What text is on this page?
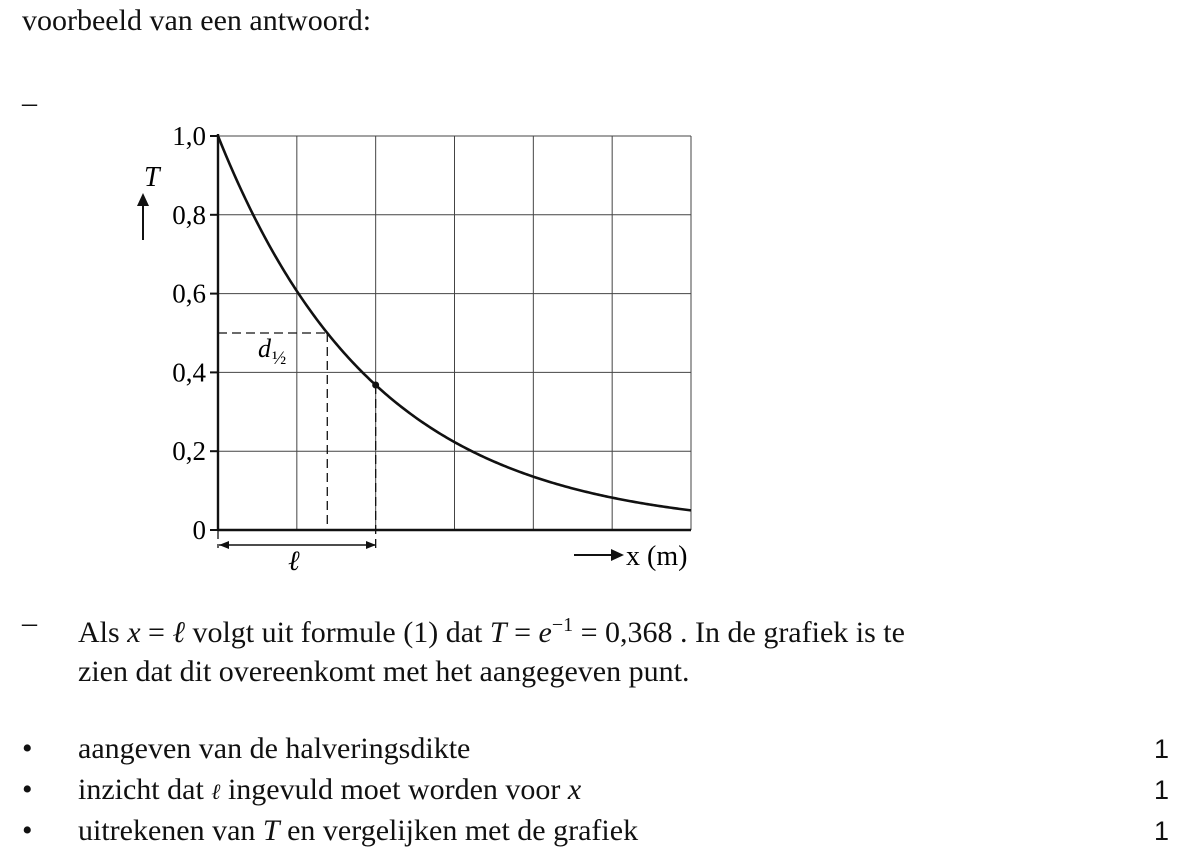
voorbeeld van een antwoord:
–
0
0,2
0,4
0,6
0,8
1,0
T
x (m)
d ½
ℓ
– Als x = ℓ volgt uit formule (1) dat $T = e^{-1} = 0,368$ . In de grafiek is te
zien dat dit overeenkomt met het aangegeven punt.
• aangeven van de halveringsdikte	1
• inzicht dat ℓ ingevuld moet worden voor x	1
• uitrekenen van T en vergelijken met de grafiek	1
